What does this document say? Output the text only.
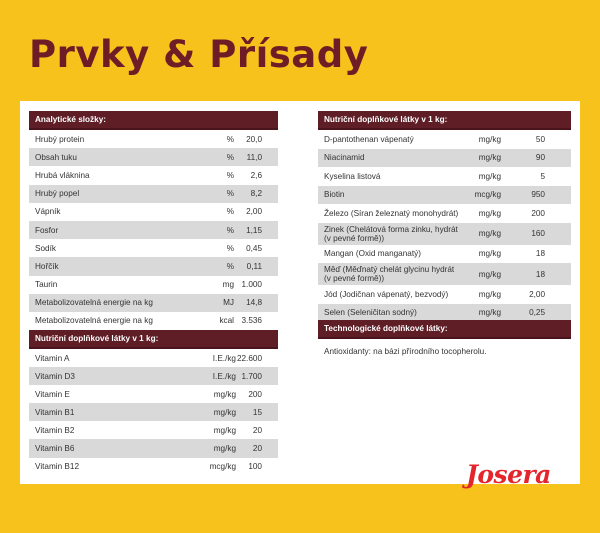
Prvky & Přísady
Analytické složky:
Hrubý protein	%	20,0
Obsah tuku	%	11,0
Hrubá vláknina	%	2,6
Hrubý popel	%	8,2
Vápník	%	2,00
Fosfor	%	1,15
Sodík	%	0,45
Hořčík	%	0,11
Taurin	mg 1.000
Metabolizovatelná energie na kg	MJ	14,8
Metabolizovatelná energie na kg	kcal 3.536
Nutriční doplňkové látky v 1 kg:
Vitamin A	I.E./kg 22.600
Vitamin D3	I.E./kg 1.700
Vitamin E	mg/kg	200
Vitamin B1	mg/kg	15
Vitamin B2	mg/kg	20
Vitamin B6	mg/kg	20
Vitamin B12	mcg/kg	100
Nutriční doplňkové látky v 1 kg:
D-pantothenan vápenatý	mg/kg	50
Niacinamid	mg/kg	90
Kyselina listová	mg/kg	5
Biotin	mcg/kg	950
Železo (Síran železnatý monohydrát)	mg/kg	200
Zinek (Chelátová forma zinku, hydrát (v pevné formě))	mg/kg	160
Mangan (Oxid manganatý)	mg/kg	18
Měď (Měďnatý chelát glycinu hydrát (v pevné formě))	mg/kg	18
Jód (Jodičnan vápenatý, bezvodý)	mg/kg	2,00
Selen (Seleničitan sodný)	mg/kg	0,25
Technologické doplňkové látky:
Antioxidanty: na bázi přírodního tocopherolu.
Josera
